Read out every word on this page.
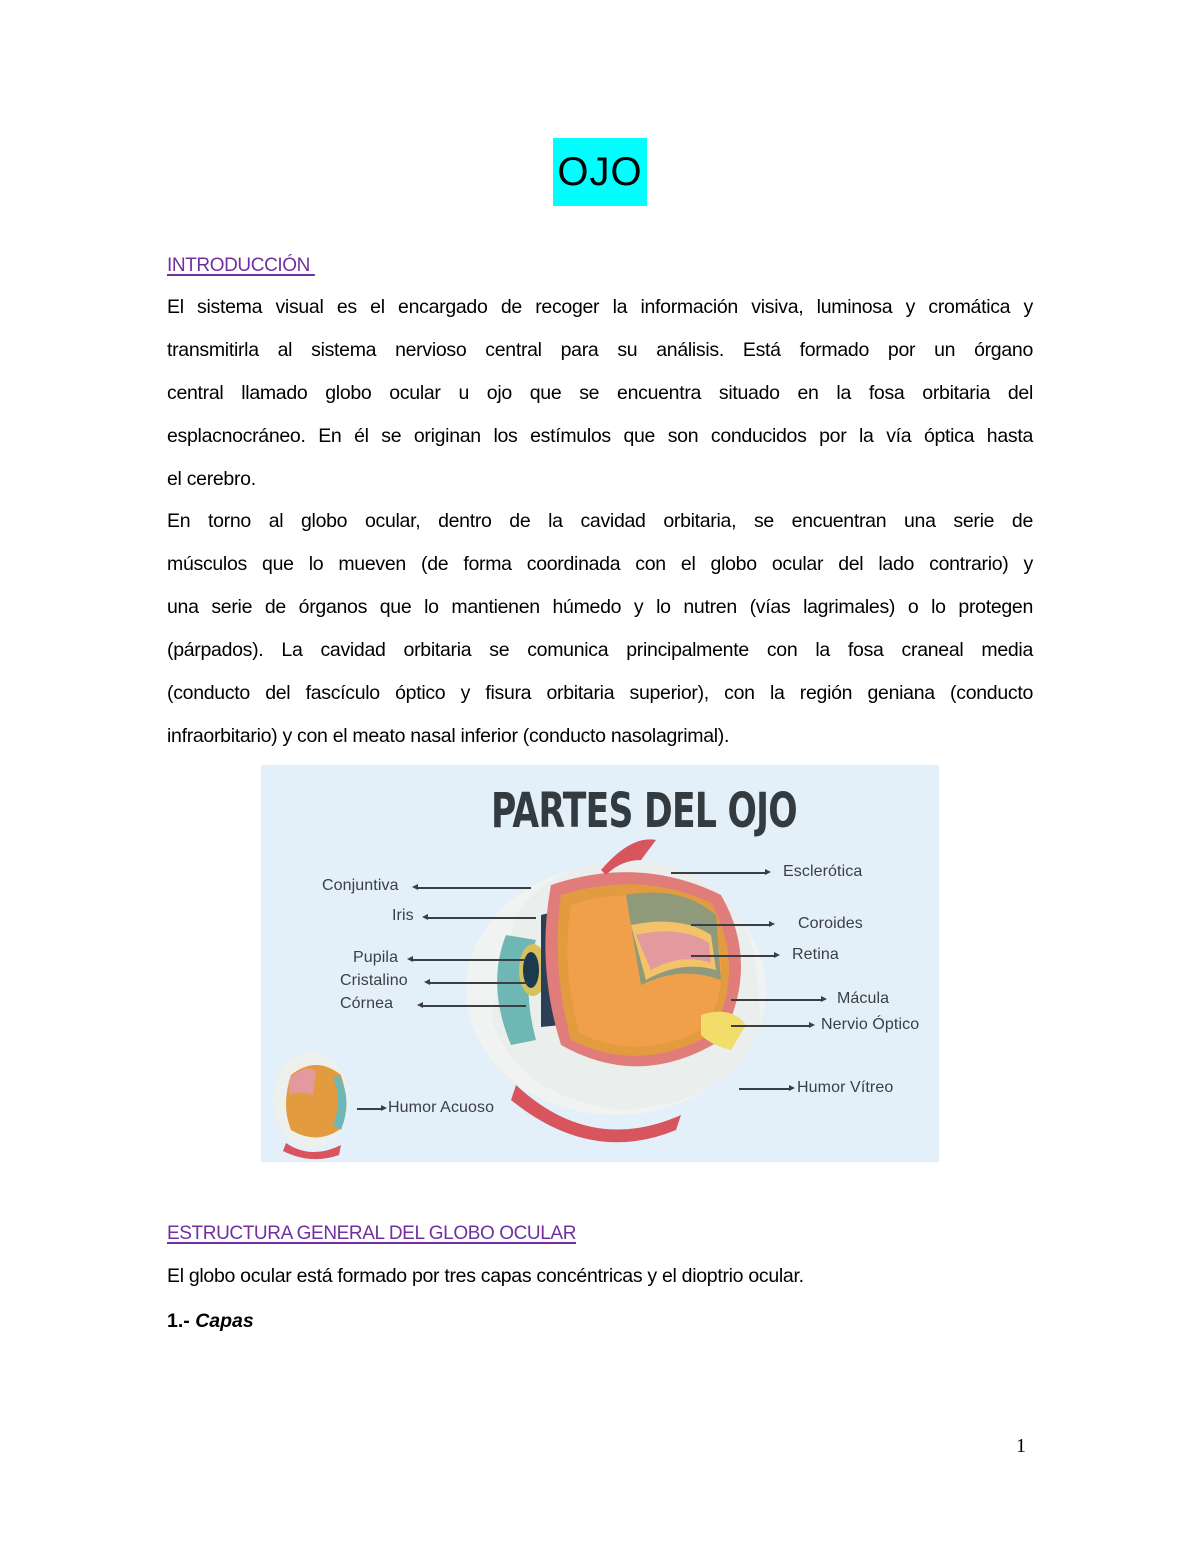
OJO
INTRODUCCIÓN
El sistema visual es el encargado de recoger la información visiva, luminosa y cromática y
transmitirla al sistema nervioso central para su análisis. Está formado por un órgano
central llamado globo ocular u ojo que se encuentra situado en la fosa orbitaria del
esplacnocráneo. En él se originan los estímulos que son conducidos por la vía óptica hasta
el cerebro.
En torno al globo ocular, dentro de la cavidad orbitaria, se encuentran una serie de
músculos que lo mueven (de forma coordinada con el globo ocular del lado contrario) y
una serie de órganos que lo mantienen húmedo y lo nutren (vías lagrimales) o lo protegen
(párpados). La cavidad orbitaria se comunica principalmente con la fosa craneal media
(conducto del fascículo óptico y fisura orbitaria superior), con la región geniana (conducto
infraorbitario) y con el meato nasal inferior (conducto nasolagrimal).
PARTES DEL OJO
Conjuntiva
Iris
Pupila
Cristalino
Córnea
Esclerótica
Coroides
Retina
Mácula
Nervio Óptico
Humor Vítreo
Humor Acuoso
ESTRUCTURA GENERAL DEL GLOBO OCULAR
El globo ocular está formado por tres capas concéntricas y el dioptrio ocular.
1.- Capas
1
